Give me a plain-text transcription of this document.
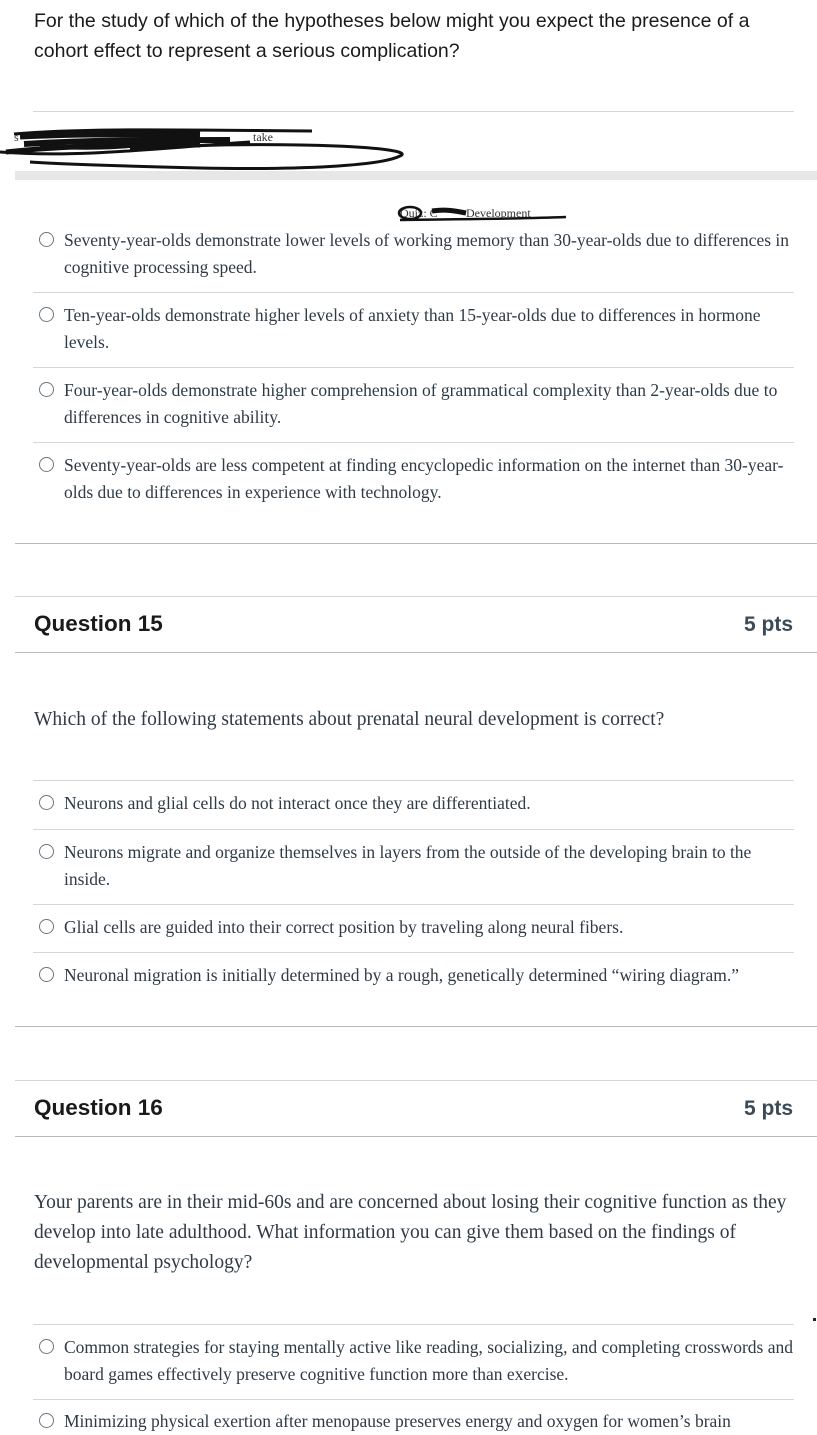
For the study of which of the hypotheses below might you expect the presence of a cohort effect to represent a serious complication?
s	take
Quiz: C Development
Seventy-year-olds demonstrate lower levels of working memory than 30-year-olds due to differences in cognitive processing speed.
Ten-year-olds demonstrate higher levels of anxiety than 15-year-olds due to differences in hormone levels.
Four-year-olds demonstrate higher comprehension of grammatical complexity than 2-year-olds due to differences in cognitive ability.
Seventy-year-olds are less competent at finding encyclopedic information on the internet than 30-year-olds due to differences in experience with technology.
Question 15	5 pts
Which of the following statements about prenatal neural development is correct?
Neurons and glial cells do not interact once they are differentiated.
Neurons migrate and organize themselves in layers from the outside of the developing brain to the inside.
Glial cells are guided into their correct position by traveling along neural fibers.
Neuronal migration is initially determined by a rough, genetically determined “wiring diagram.”
Question 16	5 pts
Your parents are in their mid-60s and are concerned about losing their cognitive function as they develop into late adulthood. What information you can give them based on the findings of developmental psychology?
Common strategies for staying mentally active like reading, socializing, and completing crosswords and board games effectively preserve cognitive function more than exercise.
Minimizing physical exertion after menopause preserves energy and oxygen for women’s brain
